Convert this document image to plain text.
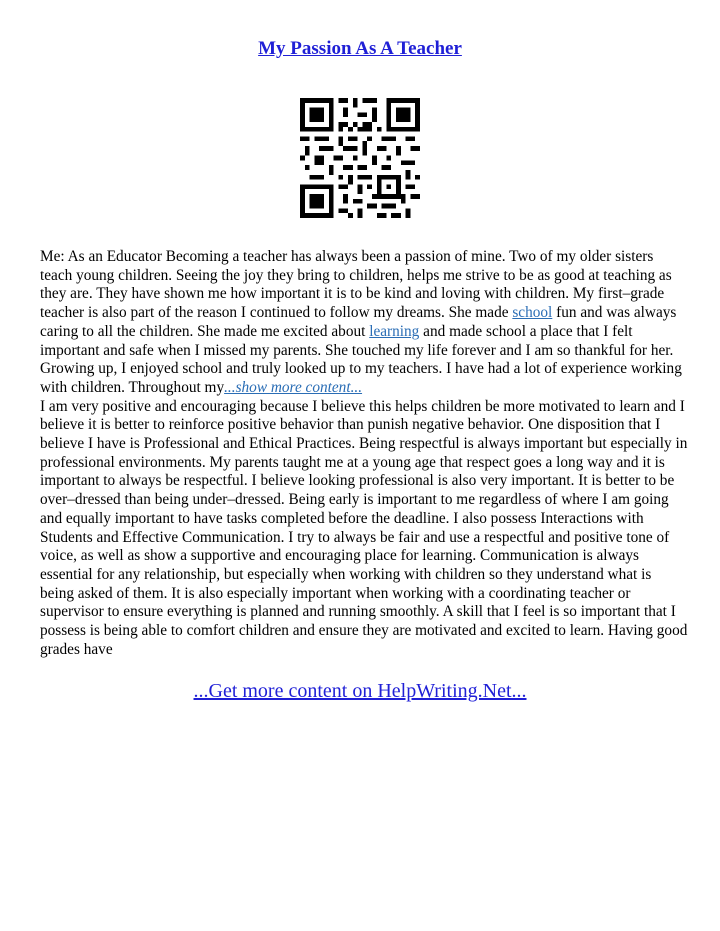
My Passion As A Teacher

Me: As an Educator Becoming a teacher has always been a passion of mine. Two of my older sisters teach young children. Seeing the joy they bring to children, helps me strive to be as good at teaching as they are. They have shown me how important it is to be kind and loving with children. My first–grade teacher is also part of the reason I continued to follow my dreams. She made school fun and was always caring to all the children. She made me excited about learning and made school a place that I felt important and safe when I missed my parents. She touched my life forever and I am so thankful for her. Growing up, I enjoyed school and truly looked up to my teachers. I have had a lot of experience working with children. Throughout my...show more content...

I am very positive and encouraging because I believe this helps children be more motivated to learn and I believe it is better to reinforce positive behavior than punish negative behavior. One disposition that I believe I have is Professional and Ethical Practices. Being respectful is always important but especially in professional environments. My parents taught me at a young age that respect goes a long way and it is important to always be respectful. I believe looking professional is also very important. It is better to be over–dressed than being under–dressed. Being early is important to me regardless of where I am going and equally important to have tasks completed before the deadline. I also possess Interactions with Students and Effective Communication. I try to always be fair and use a respectful and positive tone of voice, as well as show a supportive and encouraging place for learning. Communication is always essential for any relationship, but especially when working with children so they understand what is being asked of them. It is also especially important when working with a coordinating teacher or supervisor to ensure everything is planned and running smoothly. A skill that I feel is so important that I possess is being able to comfort children and ensure they are motivated and excited to learn. Having good grades have

...Get more content on HelpWriting.Net...
